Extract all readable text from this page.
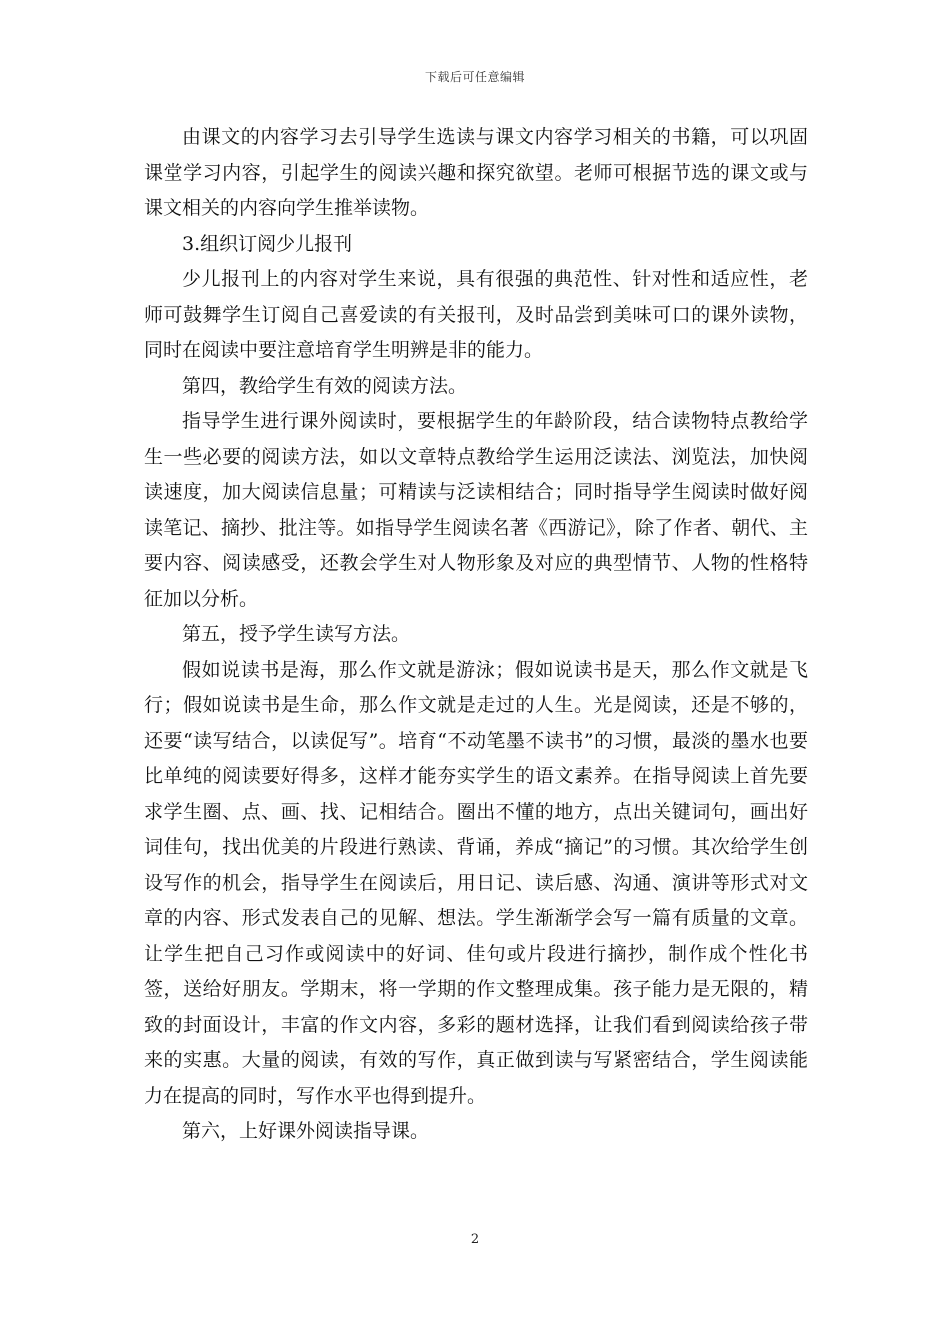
下载后可任意编辑

由课文的内容学习去引导学生选读与课文内容学习相关的书籍，可以巩固课堂学习内容，引起学生的阅读兴趣和探究欲望。老师可根据节选的课文或与课文相关的内容向学生推举读物。

3.组织订阅少儿报刊

少儿报刊上的内容对学生来说，具有很强的典范性、针对性和适应性，老师可鼓舞学生订阅自己喜爱读的有关报刊，及时品尝到美味可口的课外读物，同时在阅读中要注意培育学生明辨是非的能力。

第四，教给学生有效的阅读方法。

指导学生进行课外阅读时，要根据学生的年龄阶段，结合读物特点教给学生一些必要的阅读方法，如以文章特点教给学生运用泛读法、浏览法，加快阅读速度，加大阅读信息量；可精读与泛读相结合；同时指导学生阅读时做好阅读笔记、摘抄、批注等。如指导学生阅读名著《西游记》，除了作者、朝代、主要内容、阅读感受，还教会学生对人物形象及对应的典型情节、人物的性格特征加以分析。

第五，授予学生读写方法。

假如说读书是海，那么作文就是游泳；假如说读书是天，那么作文就是飞行；假如说读书是生命，那么作文就是走过的人生。光是阅读，还是不够的，还要“读写结合，以读促写”。培育“不动笔墨不读书”的习惯，最淡的墨水也要比单纯的阅读要好得多，这样才能夯实学生的语文素养。在指导阅读上首先要求学生圈、点、画、找、记相结合。圈出不懂的地方，点出关键词句，画出好词佳句，找出优美的片段进行熟读、背诵，养成“摘记”的习惯。其次给学生创设写作的机会，指导学生在阅读后，用日记、读后感、沟通、演讲等形式对文章的内容、形式发表自己的见解、想法。学生渐渐学会写一篇有质量的文章。让学生把自己习作或阅读中的好词、佳句或片段进行摘抄，制作成个性化书签，送给好朋友。学期末，将一学期的作文整理成集。孩子能力是无限的，精致的封面设计，丰富的作文内容，多彩的题材选择，让我们看到阅读给孩子带来的实惠。大量的阅读，有效的写作，真正做到读与写紧密结合，学生阅读能力在提高的同时，写作水平也得到提升。

第六，上好课外阅读指导课。

2
